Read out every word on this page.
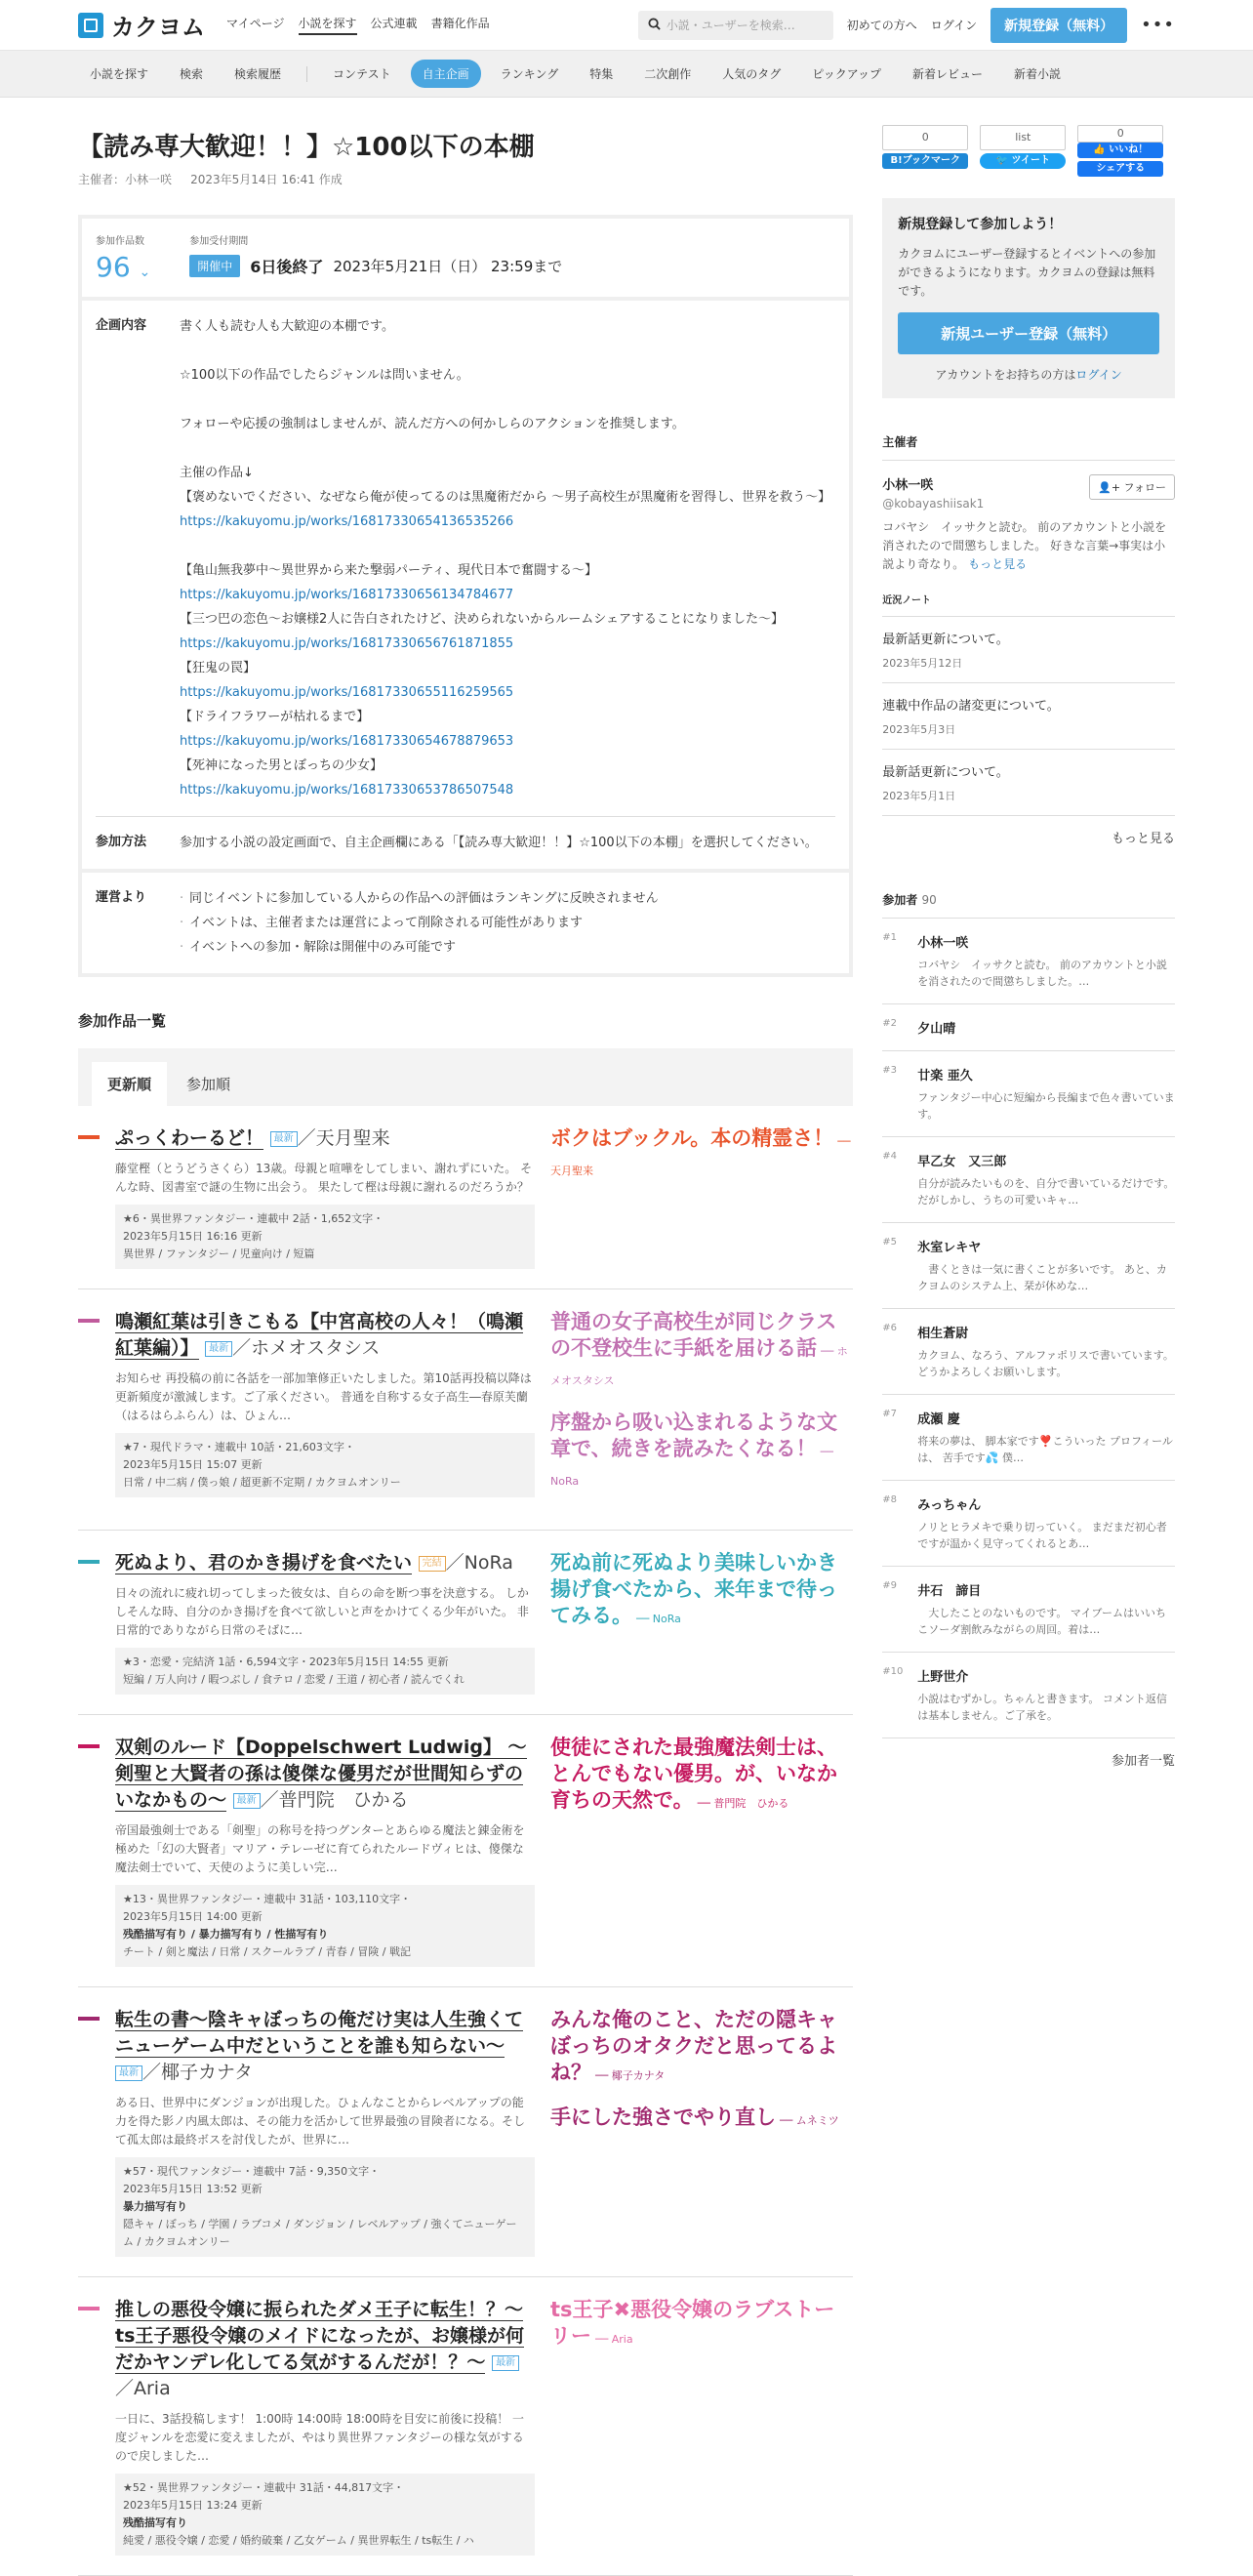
カクヨム マイページ 小説を探す 公式連載 書籍化作品	小説・ユーザーを検索…	初めての方へ ログイン	新規登録（無料）	•••
小説を探す	検索	検索履歴	コンテスト	自主企画	ランキング	特集	二次創作	人気のタグ	ピックアップ	新着レビュー	新着小説
【読み専大歓迎！！】☆100以下の本棚
主催者：小林一咲 2023年5月14日 16:41 作成
参加作品数
96 ⌄
参加受付期間
開催中	6日後終了 2023年5月21日（日） 23:59まで
企画内容	書く人も読む人も大歓迎の本棚です。
☆100以下の作品でしたらジャンルは問いません。
フォローや応援の強制はしませんが、読んだ方への何かしらのアクションを推奨します。
主催の作品↓
【褒めないでください、なぜなら俺が使ってるのは黒魔術だから 〜男子高校生が黒魔術を習得し、世界を救う〜】https://kakuyomu.jp/works/16817330654136535266
【亀山無我夢中〜異世界から来た撃弱パーティ、現代日本で奮闘する〜】
https://kakuyomu.jp/works/16817330656134784677
【三つ巴の恋色〜お嬢様2人に告白されたけど、決められないからルームシェアすることになりました〜】
https://kakuyomu.jp/works/16817330656761871855
【狂鬼の罠】
https://kakuyomu.jp/works/16817330655116259565
【ドライフラワーが枯れるまで】
https://kakuyomu.jp/works/16817330654678879653
【死神になった男とぼっちの少女】
https://kakuyomu.jp/works/16817330653786507548
参加方法	参加する小説の設定画面で、自主企画欄にある「【読み専大歓迎！！】☆100以下の本棚」を選択してください。
運営より
·	同じイベントに参加している人からの作品への評価はランキングに反映されません
· イベントは、主催者または運営によって削除される可能性があります
· イベントへの参加・解除は開催中のみ可能です
参加作品一覧
更新順	参加順
ぷっくわーるど！ 最新 ／天月聖来
藤堂樫（とうどうさくら）13歳。母親と喧嘩をしてしまい、謝れずにいた。 そんな時、図書室で謎の生物に出会う。 果たして樫は母親に謝れるのだろうか？
★6・異世界ファンタジー・連載中 2話・1,652文字・
2023年5月15日 16:16 更新
異世界 / ファンタジー / 児童向け / 短篇
ボクはブックル。本の精霊さ！ ── 天月聖来
鳴瀬紅葉は引きこもる【中宮高校の人々！（鳴瀬紅葉編）】 最新 ／ホメオスタシス
お知らせ 再投稿の前に各話を一部加筆修正いたしました。第10話再投稿以降は更新頻度が激減します。ご了承ください。 普通を自称する女子高生―春原芙蘭（はるはらふらん）は、ひょん…
★7・現代ドラマ・連載中 10話・21,603文字・
2023年5月15日 15:07 更新
日常 / 中二病 / 僕っ娘 / 超更新不定期 / カクヨムオンリー
普通の女子高校生が同じクラスの不登校生に手紙を届ける話 ── ホメオスタシス
序盤から吸い込まれるような文章で、続きを読みたくなる！ ── NoRa
死ぬより、君のかき揚げを食べたい 完結 ／NoRa
日々の流れに疲れ切ってしまった彼女は、自らの命を断つ事を決意する。 しかしそんな時、自分のかき揚げを食べて欲しいと声をかけてくる少年がいた。 非日常的でありながら日常のそばに…
★3・恋愛・完結済 1話・6,594文字・2023年5月15日 14:55 更新
短編 / 万人向け / 暇つぶし / 食テロ / 恋愛 / 王道 / 初心者 / 読んでくれ
死ぬ前に死ぬより美味しいかき揚げ食べたから、来年まで待ってみる。 ── NoRa
双剣のルード【Doppelschwert Ludwig】 ～剣聖と大賢者の孫は傻傑な優男だが世間知らずのいなかもの～ 最新 ／普門院　ひかる
帝国最強剣士である「剣聖」の称号を持つグンターとあらゆる魔法と錬金術を極めた「幻の大賢者」マリア・テレーゼに育てられたルードヴィヒは、傻傑な魔法剣士でいて、天使のように美しい完…
★13・異世界ファンタジー・連載中 31話・103,110文字・
2023年5月15日 14:00 更新
残酷描写有り / 暴力描写有り / 性描写有り
チート / 剣と魔法 / 日常 / スクールラブ / 青春 / 冒険 / 戦記
使徒にされた最強魔法剣士は、とんでもない優男。が、いなか育ちの天然で。 ── 普門院　ひかる
転生の書〜陰キャぼっちの俺だけ実は人生強くてニューゲーム中だということを誰も知らない〜 最新 ／椰子カナタ
ある日、世界中にダンジョンが出現した。ひょんなことからレベルアップの能力を得た影ノ内風太郎は、その能力を活かして世界最強の冒険者になる。そして孤太郎は最終ボスを討伐したが、世界に…
★57・現代ファンタジー・連載中 7話・9,350文字・
2023年5月15日 13:52 更新
暴力描写有り
隠キャ / ぼっち / 学園 / ラブコメ / ダンジョン / レベルアップ / 強くてニューゲーム / カクヨムオンリー
みんな俺のこと、ただの隠キャぼっちのオタクだと思ってるよね？ ── 椰子カナタ
手にした強さでやり直し ── ムネミツ
推しの悪役令嬢に振られたダメ王子に転生！？〜ts王子悪役令嬢のメイドになったが、お嬢様が何だかヤンデレ化してる気がするんだが！？〜 最新／Aria
一日に、3話投稿します！ 1:00時 14:00時 18:00時を目安に前後に投稿！ 一度ジャンルを恋愛に変えましたが、やはり異世界ファンタジーの様な気がするので戻しました…
★52・異世界ファンタジー・連載中 31話・44,817文字・
2023年5月15日 13:24 更新
残酷描写有り
純愛 / 悪役令嬢 / 恋愛 / 婚約破棄 / 乙女ゲーム / 異世界転生 / ts転生 / ハ
ts王子✖悪役令嬢のラブストーリー ── Aria
0
B!ブックマーク
list
🐦 ツイート
0
👍 いいね！
シェアする
新規登録して参加しよう！
カクヨムにユーザー登録するとイベントへの参加ができるようになります。カクヨムの登録は無料です。
新規ユーザー登録（無料）
アカウントをお持ちの方はログイン
主催者
小林一咲
@kobayashiisak1
👤+ フォロー
コバヤシ　イッサクと読む。 前のアカウントと小説を消されたので間懲ちしました。 好きな言葉→事実は小説より奇なり。 もっと見る
近況ノート
最新話更新について。
2023年5月12日
連載中作品の諸変更について。
2023年5月3日
最新話更新について。
2023年5月1日
もっと見る
参加者 90
#1	小林一咲
コバヤシ　イッサクと読む。 前のアカウントと小説を消されたので間懲ちしました。…
#2	夕山晴
#3	廿楽 亜久
ファンタジー中心に短編から長編まで色々書いています。
#4	早乙女　又三郎
自分が読みたいものを、自分で書いているだけです。だがしかし、うちの可愛いキャ…
#5	氷室レキヤ
　書くときは一気に書くことが多いです。 あと、カクヨムのシステム上、栞が休めな…
#6	相生蒼尉
カクヨム、なろう、アルファポリスで書いています。 どうかよろしくお願いします。
#7	成瀬 慶
将来の夢は、 脚本家です❣️こういった プロフィールは、 苦手です💦 僕…
#8	みっちゃん
ノリとヒラメキで乗り切っていく。 まだまだ初心者ですが温かく見守ってくれるとあ…
#9	井石　諦目
　大したことのないものです。 マイブームはいいちこソーダ割飲みながらの周回。着は…
#10 上野世介
小説はむずかし。ちゃんと書きます。 コメント返信は基本しません。ご了承を。
参加者一覧
